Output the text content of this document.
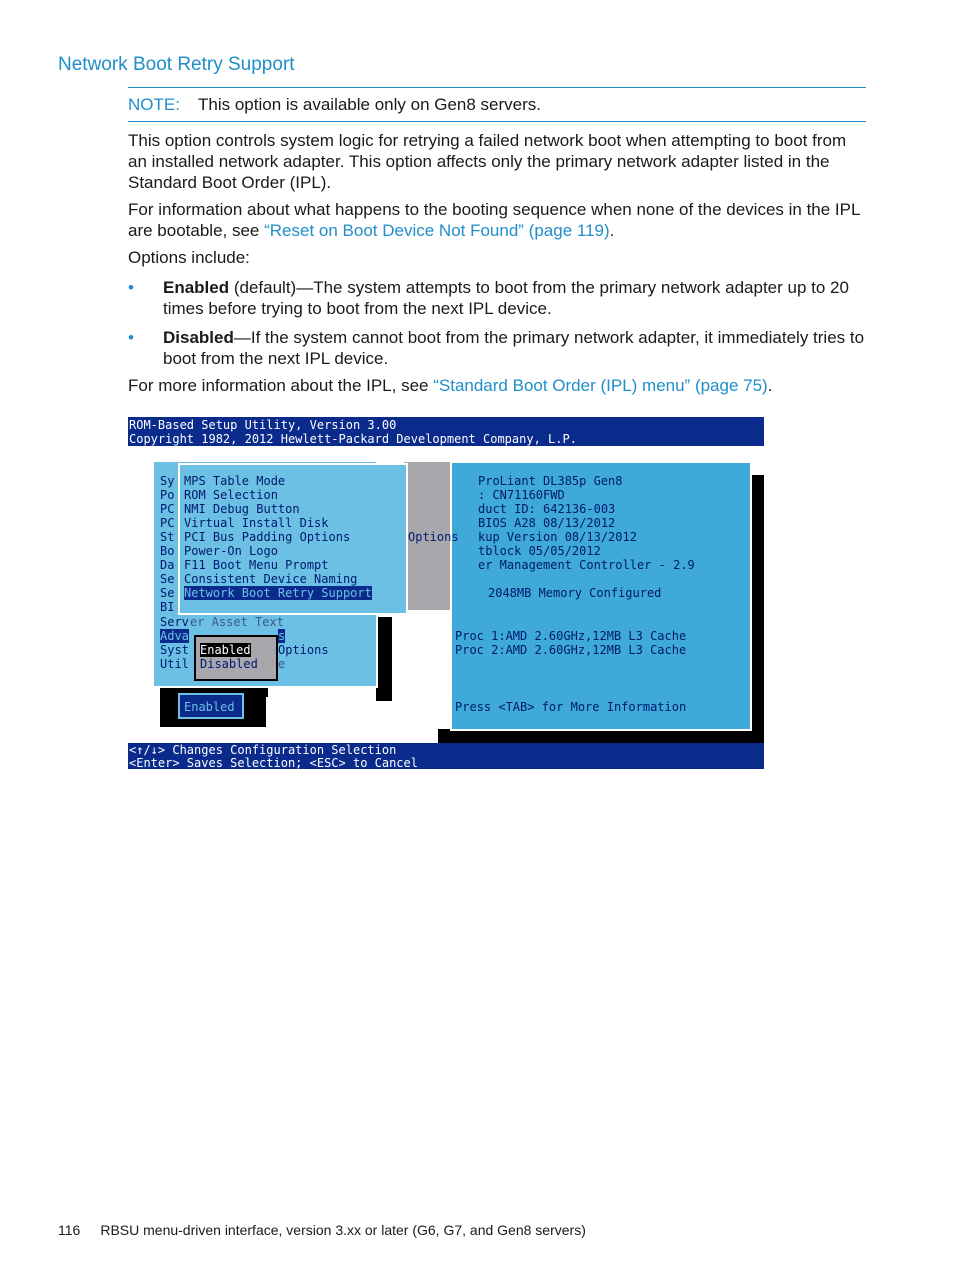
Network Boot Retry Support
NOTE: This option is available only on Gen8 servers.
This option controls system logic for retrying a failed network boot when attempting to boot from an installed network adapter. This option affects only the primary network adapter listed in the Standard Boot Order (IPL).
For information about what happens to the booting sequence when none of the devices in the IPL are bootable, see “Reset on Boot Device Not Found” (page 119).
Options include:
• Enabled (default)—The system attempts to boot from the primary network adapter up to 20 times before trying to boot from the next IPL device.
• Disabled—If the system cannot boot from the primary network adapter, it immediately tries to boot from the next IPL device.
For more information about the IPL, see “Standard Boot Order (IPL) menu” (page 75).
ROM-Based Setup Utility, Version 3.00
Copyright 1982, 2012 Hewlett-Packard Development Company, L.P.
Sy
Po
PC
PC
St
Bo
Da
Se
Se
BI
Serv
Adva
Syst
Util
er Asset Text
s
Options
e
Options
MPS Table Mode
ROM Selection
NMI Debug Button
Virtual Install Disk
PCI Bus Padding Options
Power-On Logo
F11 Boot Menu Prompt
Consistent Device Naming
Network Boot Retry Support
ProLiant DL385p Gen8
: CN71160FWD
duct ID: 642136-003
BIOS A28 08/13/2012
kup Version 08/13/2012
tblock 05/05/2012
er Management Controller - 2.9
2048MB Memory Configured
Proc 1:AMD 2.60GHz,12MB L3 Cache
Proc 2:AMD 2.60GHz,12MB L3 Cache
Press <TAB> for More Information
Enabled
Disabled
Enabled
<↑/↓> Changes Configuration Selection
<Enter> Saves Selection; <ESC> to Cancel
116 RBSU menu-driven interface, version 3.xx or later (G6, G7, and Gen8 servers)
